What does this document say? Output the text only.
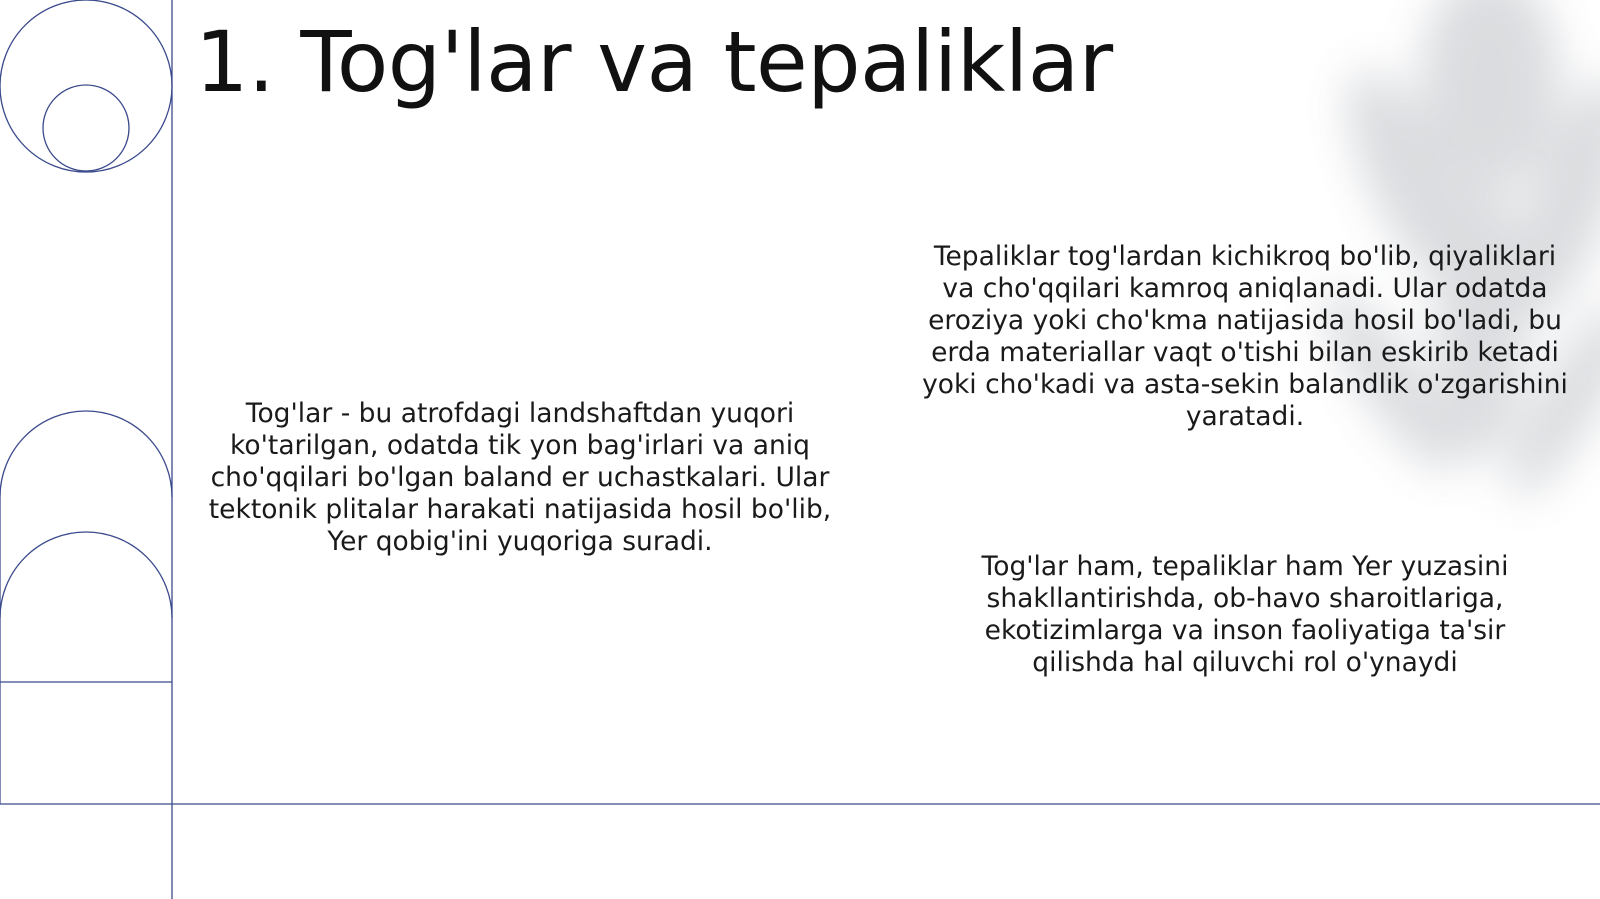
1. Tog'lar va tepaliklar

Tog'lar - bu atrofdagi landshaftdan yuqori ko'tarilgan, odatda tik yon bag'irlari va aniq cho'qqilari bo'lgan baland er uchastkalari. Ular tektonik plitalar harakati natijasida hosil bo'lib, Yer qobig'ini yuqoriga suradi.

Tepaliklar tog'lardan kichikroq bo'lib, qiyaliklari va cho'qqilari kamroq aniqlanadi. Ular odatda eroziya yoki cho'kma natijasida hosil bo'ladi, bu erda materiallar vaqt o'tishi bilan eskirib ketadi yoki cho'kadi va asta-sekin balandlik o'zgarishini yaratadi.

Tog'lar ham, tepaliklar ham Yer yuzasini shakllantirishda, ob-havo sharoitlariga, ekotizimlarga va inson faoliyatiga ta'sir qilishda hal qiluvchi rol o'ynaydi
